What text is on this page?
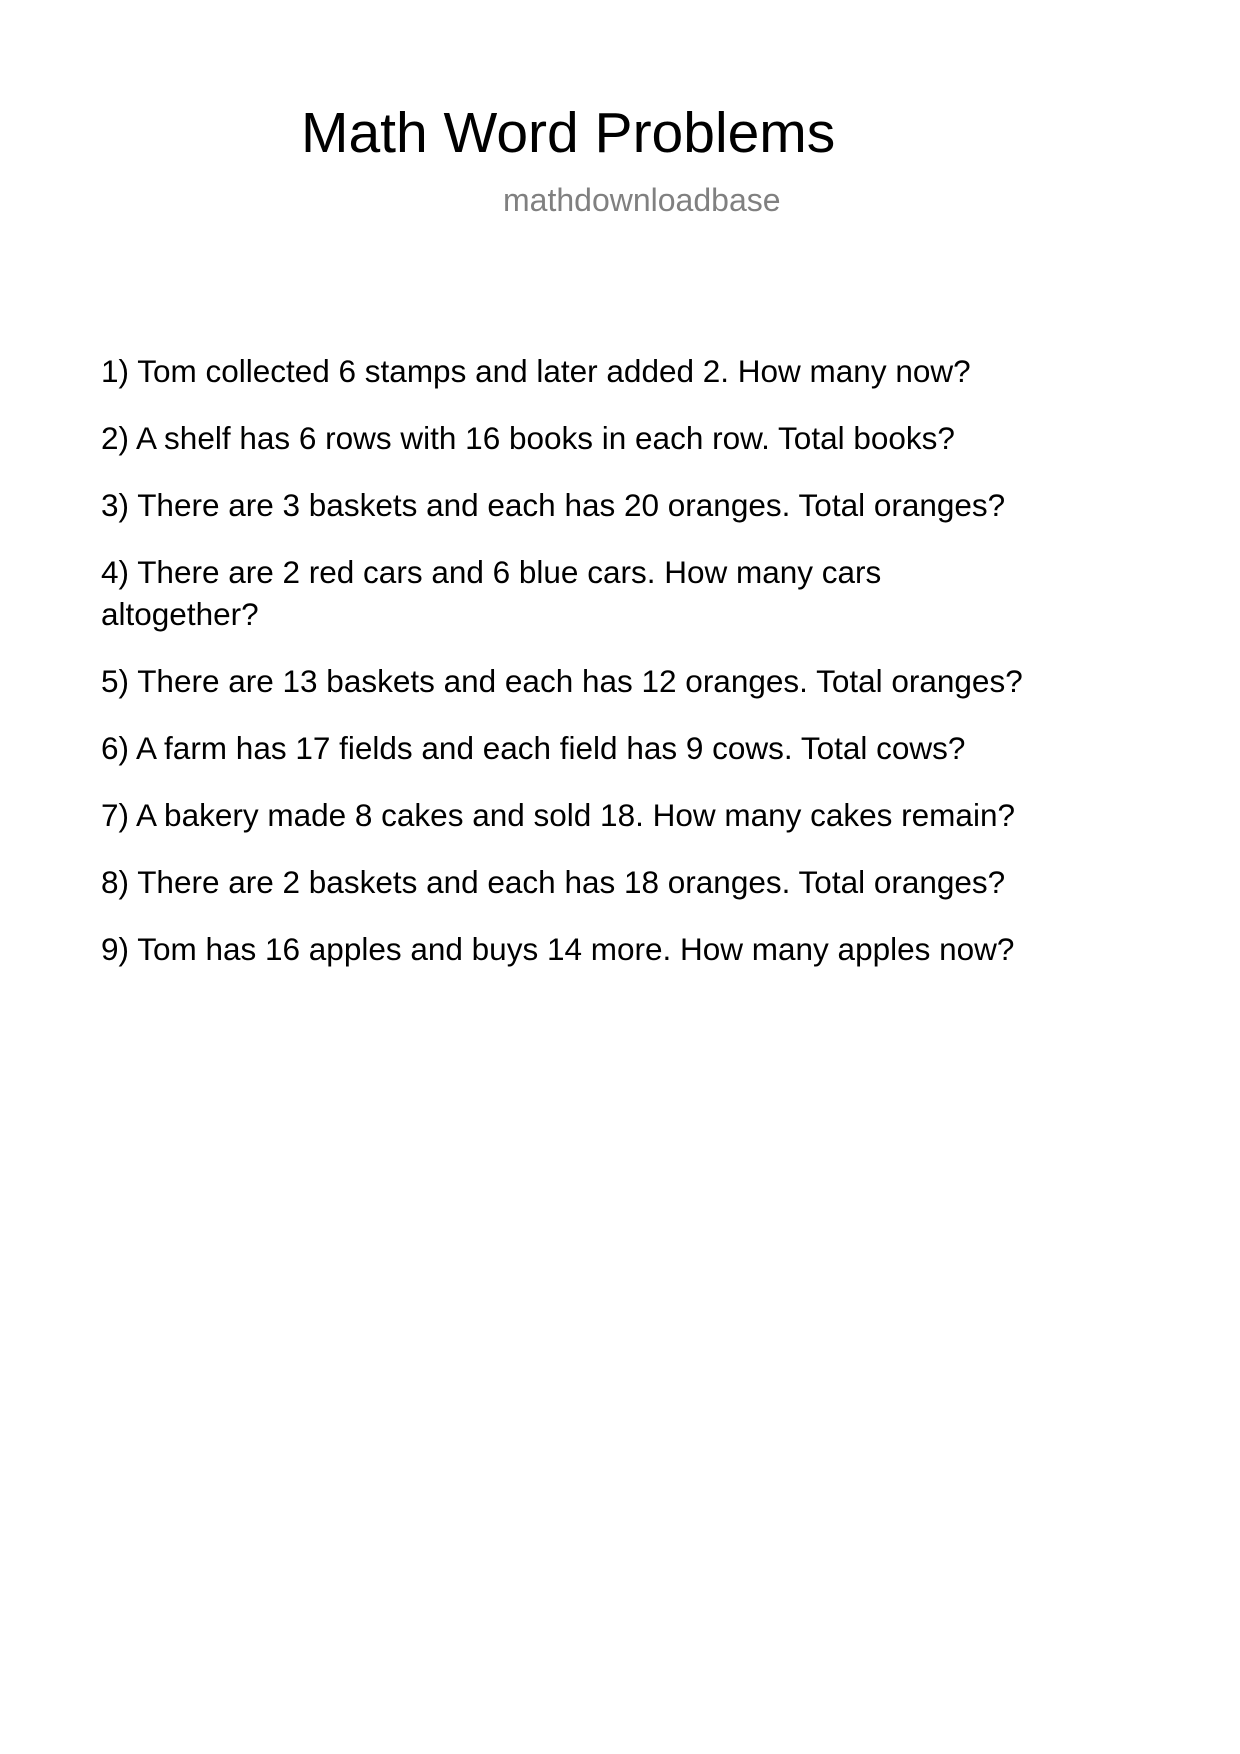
Math Word Problems
mathdownloadbase
1) Tom collected 6 stamps and later added 2. How many now?
2) A shelf has 6 rows with 16 books in each row. Total books?
3) There are 3 baskets and each has 20 oranges. Total oranges?
4) There are 2 red cars and 6 blue cars. How many cars altogether?
5) There are 13 baskets and each has 12 oranges. Total oranges?
6) A farm has 17 fields and each field has 9 cows. Total cows?
7) A bakery made 8 cakes and sold 18. How many cakes remain?
8) There are 2 baskets and each has 18 oranges. Total oranges?
9) Tom has 16 apples and buys 14 more. How many apples now?
